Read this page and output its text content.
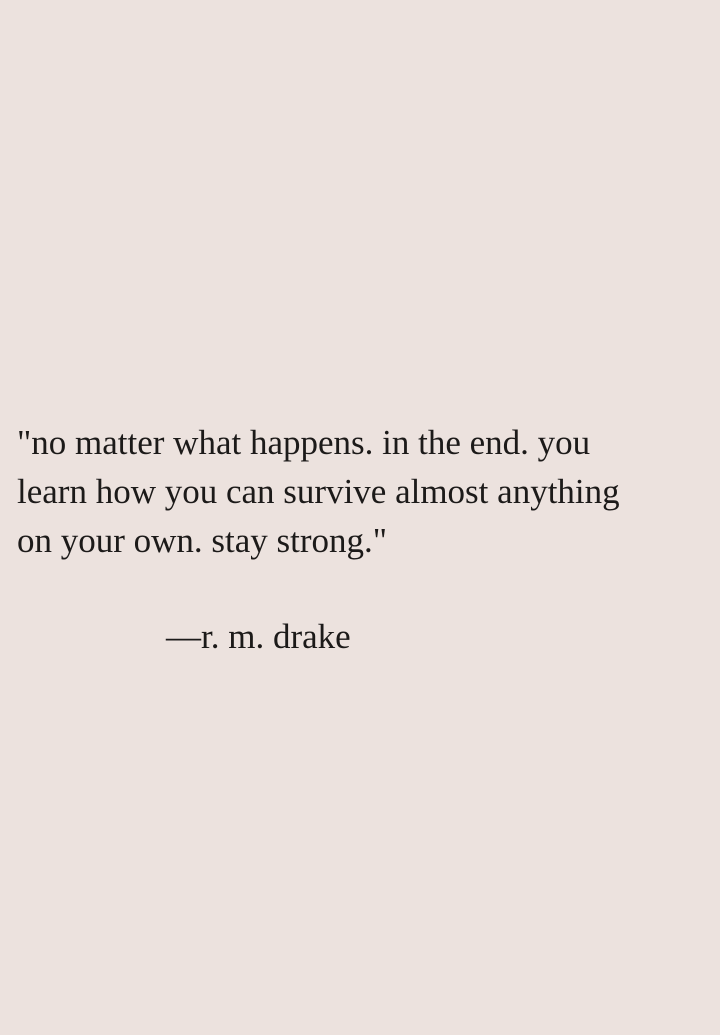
"no matter what happens. in the end. you
learn how you can survive almost anything
on your own. stay strong."

—r. m. drake
